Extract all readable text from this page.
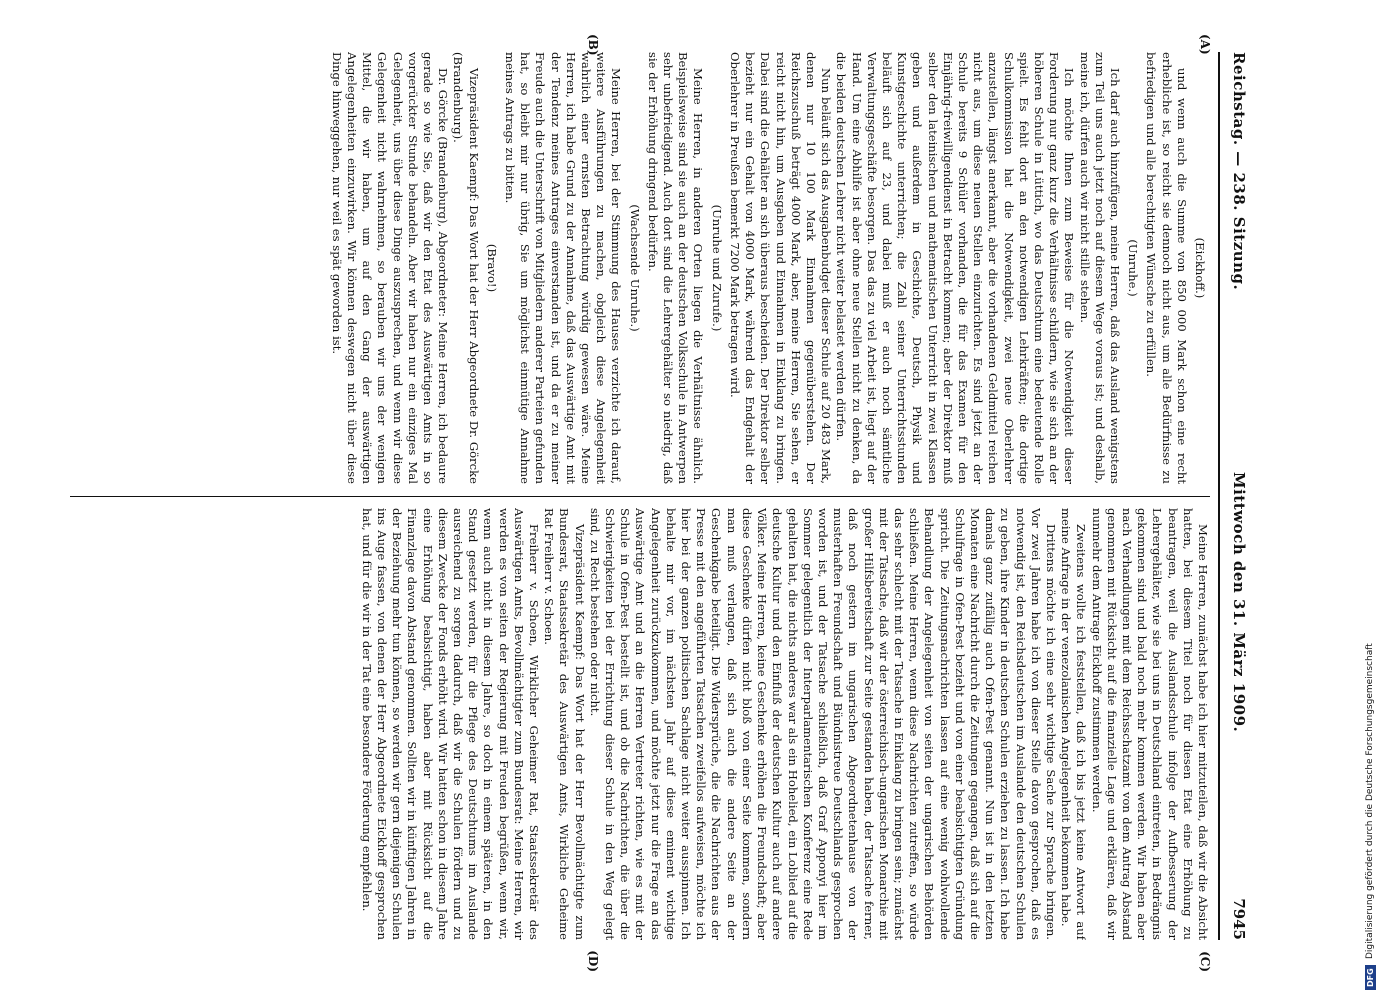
Reichstag. — 238. Sitzung.
Mittwoch den 31. März 1909.
7945

(Eickhoff.)

und wenn auch die Summe von 850 000 Mark schon eine recht erhebliche ist, so reicht sie dennoch nicht aus, um alle Bedürfnisse zu befriedigen und alle berechtigten Wünsche zu erfüllen.

(Unruhe.)

Ich darf auch hinzufügen, meine Herren, daß das Ausland wenigstens zum Teil uns auch jetzt noch auf diesem Wege voraus ist; und deshalb, meine ich, dürfen auch wir nicht stille stehen.

Ich möchte Ihnen zum Beweise für die Notwendigkeit dieser Forderung nur ganz kurz die Verhältnisse schildern, wie sie sich an der höheren Schule in Lüttich, wo das Deutschtum eine bedeutende Rolle spielt. Es fehlt dort an den notwendigen Lehrkräften; die dortige Schulkommission hat die Notwendigkeit, zwei neue Oberlehrer anzustellen, längst anerkannt, aber die vorhandenen Geldmittel reichen nicht aus, um diese neuen Stellen einzurichten. Es sind jetzt an der Schule bereits 9 Schüler vorhanden, die für das Examen für den Einjährig-freiwilligendienst in Betracht kommen; aber der Direktor muß selber den lateinischen und mathematischen Unterricht in zwei Klassen geben und außerdem in Geschichte, Deutsch, Physik und Kunstgeschichte unterrichten; die Zahl seiner Unterrichtsstunden beläuft sich auf 23, und dabei muß er auch noch sämtliche Verwaltungsgeschäfte besorgen. Das das zu viel Arbeit ist, liegt auf der Hand. Um eine Abhilfe ist aber ohne neue Stellen nicht zu denken, da die beiden deutschen Lehrer nicht weiter belastet werden dürfen.

Nun beläuft sich das Ausgabenbudget dieser Schule auf 20 483 Mark, denen nur 10 100 Mark Einnahmen gegenüberstehen. Der Reichszuschuß beträgt 4000 Mark, aber, meine Herren, Sie sehen, er reicht nicht hin, um Ausgaben und Einnahmen in Einklang zu bringen. Dabei sind die Gehälter an sich überaus bescheiden. Der Direktor selber bezieht nur ein Gehalt von 4000 Mark, während das Endgehalt der Oberlehrer in Preußen bemerkt 7200 Mark betragen wird.

(Unruhe und Zurufe.)

Meine Herren, in anderen Orten liegen die Verhältnisse ähnlich. Beispielsweise sind sie auch an der deutschen Volksschule in Antwerpen sehr unbefriedigend. Auch dort sind die Lehrergehälter so niedrig, daß sie der Erhöhung dringend bedürfen.

(Wachsende Unruhe.)

Meine Herren, bei der Stimmung des Hauses verzichte ich darauf, weitere Ausführungen zu machen, obgleich diese Angelegenheit wahrlich einer ernsten Betrachtung würdig gewesen wäre. Meine Herren, ich habe Grund zu der Annahme, daß das Auswärtige Amt mit der Tendenz meines Antrages einverstanden ist, und da er zu meiner Freude auch die Unterschrift von Mitgliedern anderer Parteien gefunden hat, so bleibt mir nur übrig, Sie um möglichst einmütige Annahme meines Antrags zu bitten.

(Bravo!)

Vizepräsident Kaempf: Das Wort hat der Herr Abgeordnete Dr. Görcke (Brandenburg).

Dr. Görcke (Brandenburg), Abgeordneter: Meine Herren, ich bedaure gerade so wie Sie, daß wir den Etat des Auswärtigen Amts in so vorgerückter Stunde behandeln. Aber wir haben nur ein einziges Mal Gelegenheit, uns über diese Dinge auszusprechen, und wenn wir diese Gelegenheit nicht wahrnehmen, so berauben wir uns der wenigen Mittel, die wir haben, um auf den Gang der auswärtigen Angelegenheiten einzuwirken. Wir können deswegen nicht über diese Dinge hinweggehen, nur weil es spät geworden ist.

Meine Herren, zunächst habe ich hier mitzuteilen, daß wir die Absicht hatten, bei diesem Titel noch für diesen Etat eine Erhöhung zu beantragen, weil die Auslandsschule infolge der Aufbesserung der Lehrergehälter, wie sie bei uns in Deutschland eintreten, in Bedrängnis gekommen sind und bald noch mehr kommen werden. Wir haben aber nach Verhandlungen mit dem Reichsschatzamt von dem Antrag Abstand genommen mit Rücksicht auf die finanzielle Lage und erklären, daß wir nunmehr dem Antrage Eickhoff zustimmen werden.

Zweitens wollte ich feststellen, daß ich bis jetzt keine Antwort auf meine Anfrage in der venezolanischen Angelegenheit bekommen habe.

Drittens möchte ich eine sehr wichtige Sache zur Sprache bringen. Vor zwei Jahren habe ich von dieser Stelle davon gesprochen, daß es notwendig ist, den Reichsdeutschen im Auslande den deutschen Schulen zu geben, ihre Kinder in deutschen Schulen erziehen zu lassen. Ich habe damals ganz zufällig auch Ofen-Pest genannt. Nun ist in den letzten Monaten eine Nachricht durch die Zeitungen gegangen, daß sich auf die Schulfrage in Ofen-Pest bezieht und von einer beabsichtigten Gründung spricht. Die Zeitungsnachrichten lassen auf eine wenig wohlwollende Behandlung der Angelegenheit von seiten der ungarischen Behörden schließen. Meine Herren, wenn diese Nachrichten zutreffen, so würde das sehr schlecht mit der Tatsache in Einklang zu bringen sein; zunächst mit der Tatsache, daß wir der österreichisch-ungarischen Monarchie mit großer Hilfsbereitschaft zur Seite gestanden haben, der Tatsache ferner, daß noch gestern im ungarischen Abgeordnetenhause von der musterhaften Freundschaft und Bündnistreue Deutschlands gesprochen worden ist, und der Tatsache schließlich, daß Graf Apponyi hier im Sommer gelegentlich der Interparlamentarischen Konferenz eine Rede gehalten hat, die nichts anderes war als ein Hohelied, ein Loblied auf die deutsche Kultur und den Einfluß der deutschen Kultur auch auf andere Völker. Meine Herren, keine Geschenke erhöhen die Freundschaft; aber diese Geschenke dürfen nicht bloß von einer Seite kommen, sondern man muß verlangen, daß sich auch die andere Seite an der Geschenkgabe beteiligt. Die Widersprüche, die die Nachrichten aus der Presse mit den angeführten Tatsachen zweifellos aufweisen, möchte ich hier bei der ganzen politischen Sachlage nicht weiter ausspinnen. Ich behalte mir vor, im nächsten Jahr auf diese eminent wichtige Angelegenheit zurückzukommen, und möchte jetzt nur die Frage an das Auswärtige Amt und an die Herren Vertreter richten, wie es mit der Schule in Ofen-Pest bestellt ist, und ob die Nachrichten, die über die Schwierigkeiten bei der Errichtung dieser Schule in den Weg gelegt sind, zu Recht bestehen oder nicht.

Vizepräsident Kaempf: Das Wort hat der Herr Bevollmächtigte zum Bundesrat, Staatssekretär des Auswärtigen Amts, Wirkliche Geheime Rat Freiherr v. Schoen.

Freiherr v. Schoen, Wirklicher Geheimer Rat, Staatssekretär des Auswärtigen Amts, Bevollmächtigter zum Bundesrat: Meine Herren, wir werden es von seiten der Regierung mit Freuden begrüßen, wenn wir, wenn auch nicht in diesem Jahre, so doch in einem späteren, in den Stand gesetzt werden, für die Pflege des Deutschtums im Auslande ausreichend zu sorgen dadurch, daß wir die Schulen fördern und zu diesem Zwecke der Fonds erhöht wird. Wir hatten schon in diesem Jahre eine Erhöhung beabsichtigt, haben aber mit Rücksicht auf die Finanzlage davon Abstand genommen. Sollten wir in künftigen Jahren in der Beziehung mehr tun können, so werden wir gern diejenigen Schulen ins Auge fassen, von denen der Herr Abgeordnete Eickhoff gesprochen hat, und für die wir in der Tat eine besondere Förderung empfehlen.

(A)
(B)
(C)
(D)
DFG
Digitalisierung gefördert durch die Deutsche Forschungsgemeinschaft
